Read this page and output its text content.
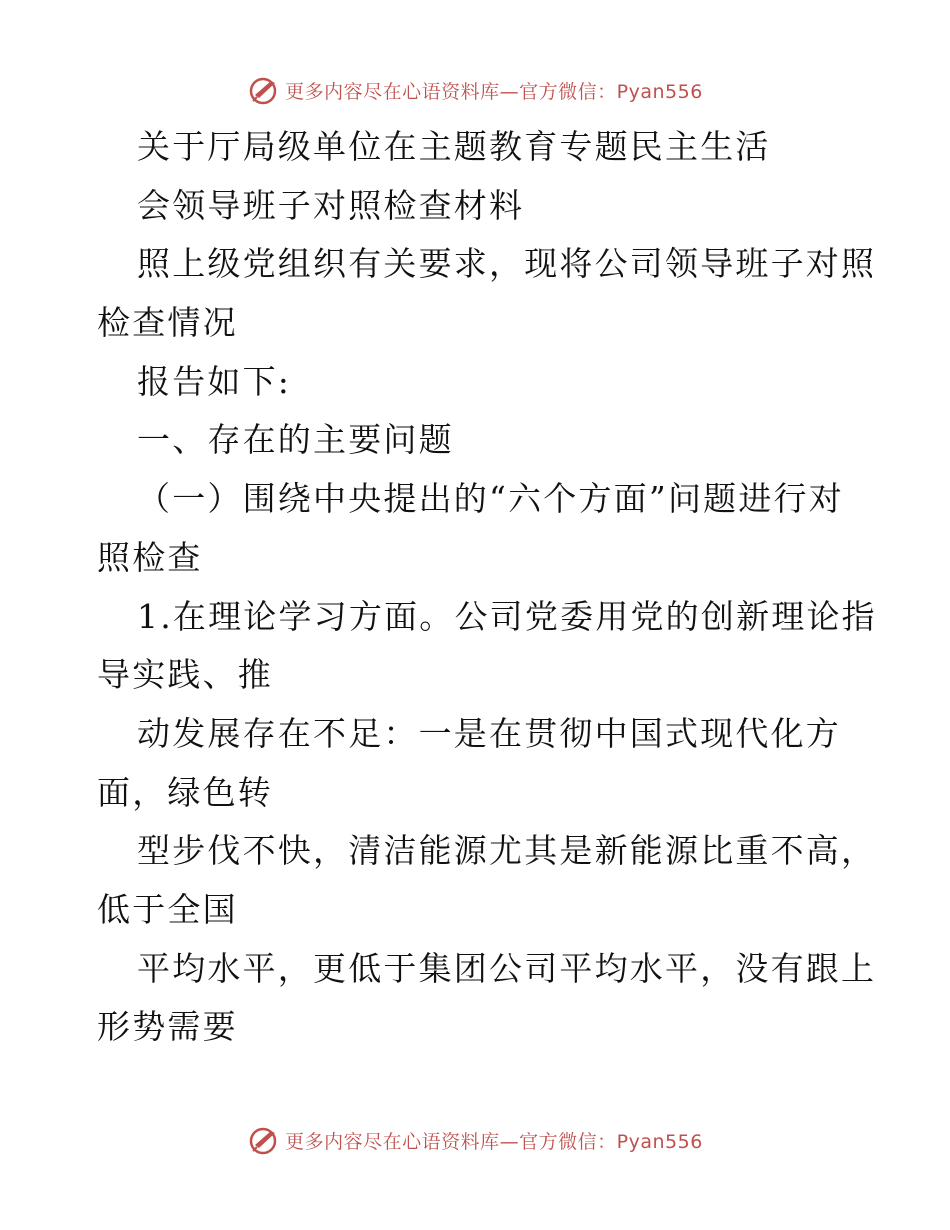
更多内容尽在心语资料库—官方微信：Pyan556
关于厅局级单位在主题教育专题民主生活
会领导班子对照检查材料
照上级党组织有关要求，现将公司领导班子对照
检查情况
报告如下:
一、存在的主要问题
（一）围绕中央提出的“六个方面”问题进行对
照检查
1.在理论学习方面。公司党委用党的创新理论指
导实践、推
动发展存在不足：一是在贯彻中国式现代化方
面，绿色转
型步伐不快，清洁能源尤其是新能源比重不高，
低于全国
平均水平，更低于集团公司平均水平，没有跟上
形势需要
更多内容尽在心语资料库—官方微信：Pyan556
